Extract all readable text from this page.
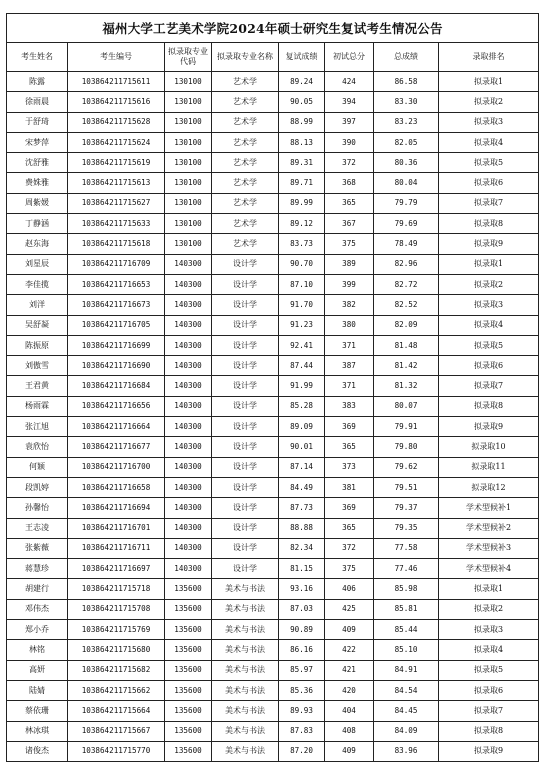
福州大学工艺美术学院2024年硕士研究生复试考生情况公告							
考生姓名	考生编号	拟录取专业代码	拟录取专业名称	复试成绩	初试总分	总成绩	录取排名
陈露	103864211715611	130100	艺术学	89.24	424	86.58	拟录取1
徐雨晨	103864211715616	130100	艺术学	90.05	394	83.30	拟录取2
于舒琦	103864211715628	130100	艺术学	88.99	397	83.23	拟录取3
宋梦萍	103864211715624	130100	艺术学	88.13	390	82.05	拟录取4
沈舒雅	103864211715619	130100	艺术学	89.31	372	80.36	拟录取5
费姝雅	103864211715613	130100	艺术学	89.71	368	80.04	拟录取6
周紫媛	103864211715627	130100	艺术学	89.99	365	79.79	拟录取7
丁静涵	103864211715633	130100	艺术学	89.12	367	79.69	拟录取8
赵东海	103864211715618	130100	艺术学	83.73	375	78.49	拟录取9
刘星辰	103864211716709	140300	设计学	90.70	389	82.96	拟录取1
李佳揽	103864211716653	140300	设计学	87.10	399	82.72	拟录取2
刘洋	103864211716673	140300	设计学	91.70	382	82.52	拟录取3
吴舒凝	103864211716705	140300	设计学	91.23	380	82.09	拟录取4
陈振原	103864211716699	140300	设计学	92.41	371	81.48	拟录取5
刘傲雪	103864211716690	140300	设计学	87.44	387	81.42	拟录取6
王君黄	103864211716684	140300	设计学	91.99	371	81.32	拟录取7
杨雨霖	103864211716656	140300	设计学	85.28	383	80.07	拟录取8
张江旭	103864211716664	140300	设计学	89.09	369	79.91	拟录取9
袁欣怡	103864211716677	140300	设计学	90.01	365	79.80	拟录取10
何颖	103864211716700	140300	设计学	87.14	373	79.62	拟录取11
段凯婷	103864211716658	140300	设计学	84.49	381	79.51	拟录取12
孙馨怡	103864211716694	140300	设计学	87.73	369	79.37	学术型候补1
王志凌	103864211716701	140300	设计学	88.88	365	79.35	学术型候补2
张紫薇	103864211716711	140300	设计学	82.34	372	77.58	学术型候补3
蒋慧珍	103864211716697	140300	设计学	81.15	375	77.46	学术型候补4
胡建行	103864211715718	135600	美术与书法	93.16	406	85.98	拟录取1
邓伟杰	103864211715708	135600	美术与书法	87.03	425	85.81	拟录取2
郑小乔	103864211715769	135600	美术与书法	90.89	409	85.44	拟录取3
林铭	103864211715680	135600	美术与书法	86.16	422	85.10	拟录取4
高妍	103864211715682	135600	美术与书法	85.97	421	84.91	拟录取5
陆婧	103864211715662	135600	美术与书法	85.36	420	84.54	拟录取6
蔡依珊	103864211715664	135600	美术与书法	89.93	404	84.45	拟录取7
林冰琪	103864211715667	135600	美术与书法	87.83	408	84.09	拟录取8
诸俊杰	103864211715770	135600	美术与书法	87.20	409	83.96	拟录取9
